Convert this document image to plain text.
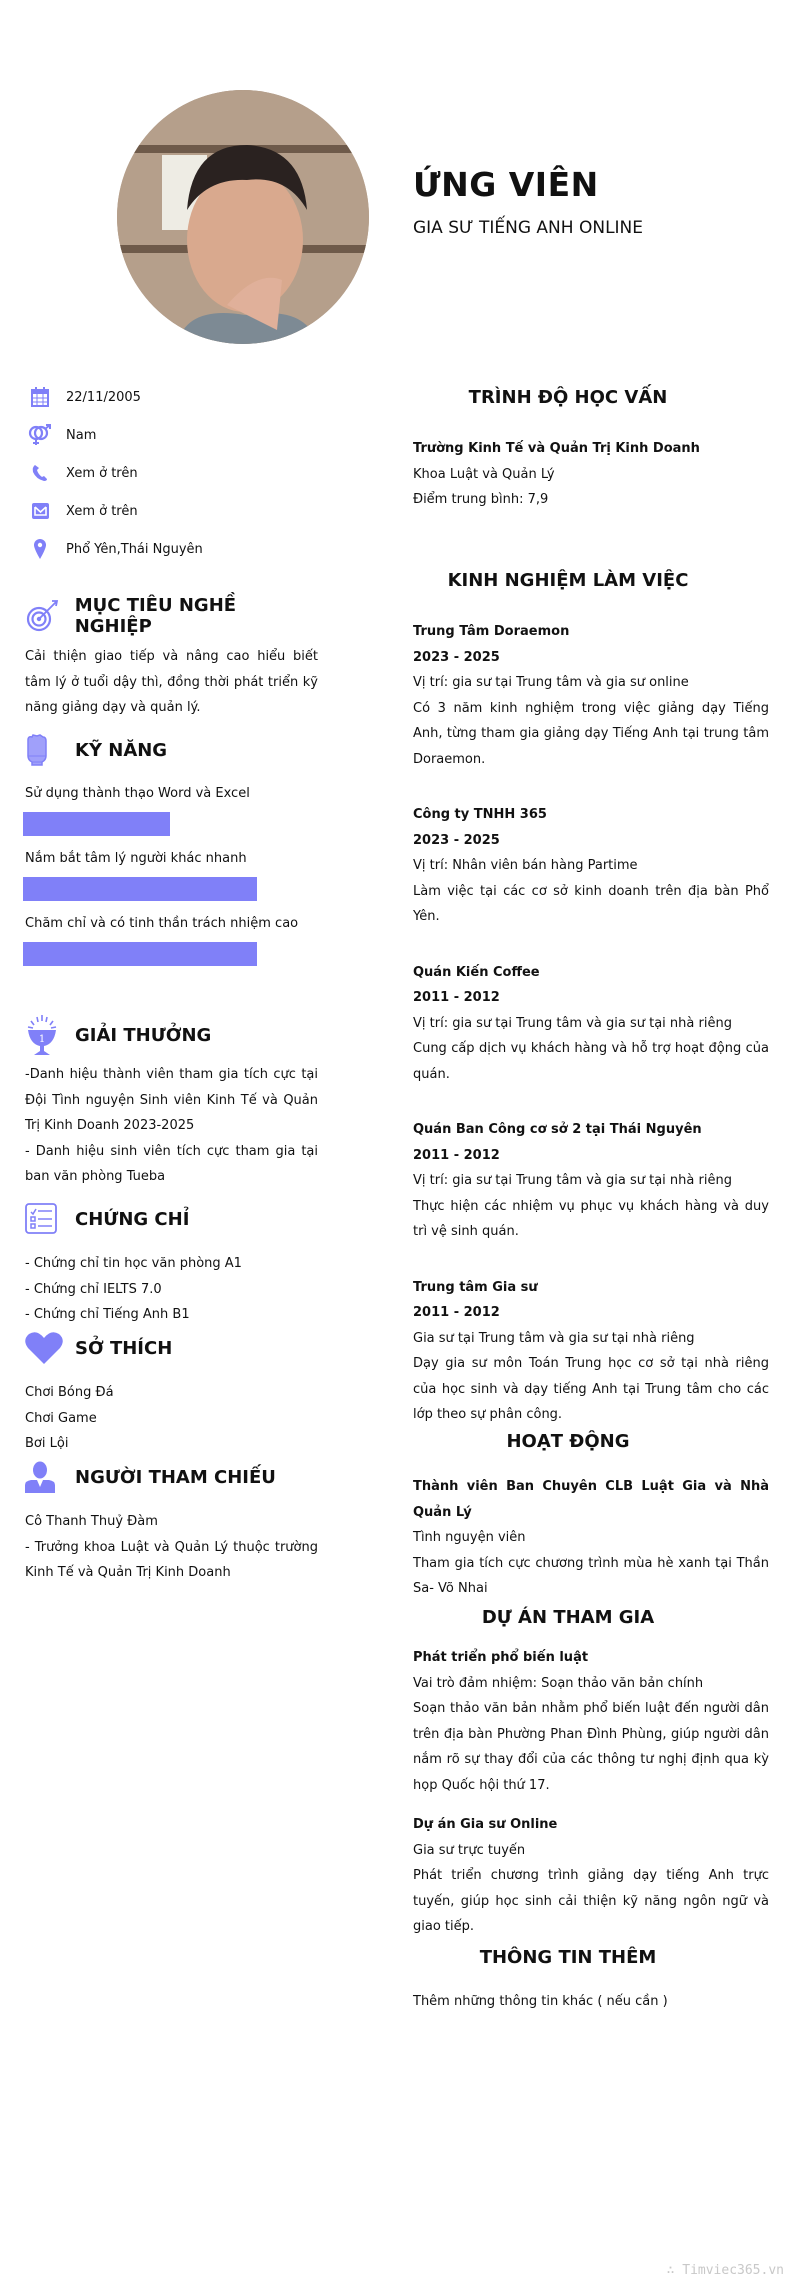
ỨNG VIÊN
GIA SƯ TIẾNG ANH ONLINE
22/11/2005
Nam
Xem ở trên
Xem ở trên
Phổ Yên,Thái Nguyên
MỤC TIÊU NGHỀ NGHIỆP
Cải thiện giao tiếp và nâng cao hiểu biết tâm lý ở tuổi dậy thì, đồng thời phát triển kỹ năng giảng dạy và quản lý.
KỸ NĂNG
Sử dụng thành thạo Word và Excel
Nắm bắt tâm lý người khác nhanh
Chăm chỉ và có tinh thần trách nhiệm cao
1 GIẢI THƯỞNG
-Danh hiệu thành viên tham gia tích cực tại Đội Tình nguyện Sinh viên Kinh Tế và Quản Trị Kinh Doanh 2023-2025
- Danh hiệu sinh viên tích cực tham gia tại ban văn phòng Tueba
CHỨNG CHỈ
- Chứng chỉ tin học văn phòng A1
- Chứng chỉ IELTS 7.0
- Chứng chỉ Tiếng Anh B1
SỞ THÍCH
Chơi Bóng Đá
Chơi Game
Bơi Lội
NGƯỜI THAM CHIẾU
Cô Thanh Thuỷ Đàm
- Trưởng khoa Luật và Quản Lý thuộc trường Kinh Tế và Quản Trị Kinh Doanh
TRÌNH ĐỘ HỌC VẤN
Trường Kinh Tế và Quản Trị Kinh Doanh
Khoa Luật và Quản Lý
Điểm trung bình: 7,9
KINH NGHIỆM LÀM VIỆC
Trung Tâm Doraemon
2023 - 2025
Vị trí: gia sư tại Trung tâm và gia sư online
Có 3 năm kinh nghiệm trong việc giảng dạy Tiếng Anh, từng tham gia giảng dạy Tiếng Anh tại trung tâm Doraemon.
Công ty TNHH 365
2023 - 2025
Vị trí: Nhân viên bán hàng Partime
Làm việc tại các cơ sở kinh doanh trên địa bàn Phổ Yên.
Quán Kiến Coffee
2011 - 2012
Vị trí: gia sư tại Trung tâm và gia sư tại nhà riêng
Cung cấp dịch vụ khách hàng và hỗ trợ hoạt động của quán.
Quán Ban Công cơ sở 2 tại Thái Nguyên
2011 - 2012
Vị trí: gia sư tại Trung tâm và gia sư tại nhà riêng
Thực hiện các nhiệm vụ phục vụ khách hàng và duy trì vệ sinh quán.
Trung tâm Gia sư
2011 - 2012
Gia sư tại Trung tâm và gia sư tại nhà riêng
Dạy gia sư môn Toán Trung học cơ sở tại nhà riêng của học sinh và dạy tiếng Anh tại Trung tâm cho các lớp theo sự phân công.
HOẠT ĐỘNG
Thành viên Ban Chuyên CLB Luật Gia và Nhà Quản Lý
Tình nguyện viên
Tham gia tích cực chương trình mùa hè xanh tại Thần Sa- Võ Nhai
DỰ ÁN THAM GIA
Phát triển phổ biến luật
Vai trò đảm nhiệm: Soạn thảo văn bản chính
Soạn thảo văn bản nhằm phổ biến luật đến người dân trên địa bàn Phường Phan Đình Phùng, giúp người dân nắm rõ sự thay đổi của các thông tư nghị định qua kỳ họp Quốc hội thứ 17.
Dự án Gia sư Online
Gia sư trực tuyến
Phát triển chương trình giảng dạy tiếng Anh trực tuyến, giúp học sinh cải thiện kỹ năng ngôn ngữ và giao tiếp.
THÔNG TIN THÊM
Thêm những thông tin khác ( nếu cần )
∴ Timviec365.vn
